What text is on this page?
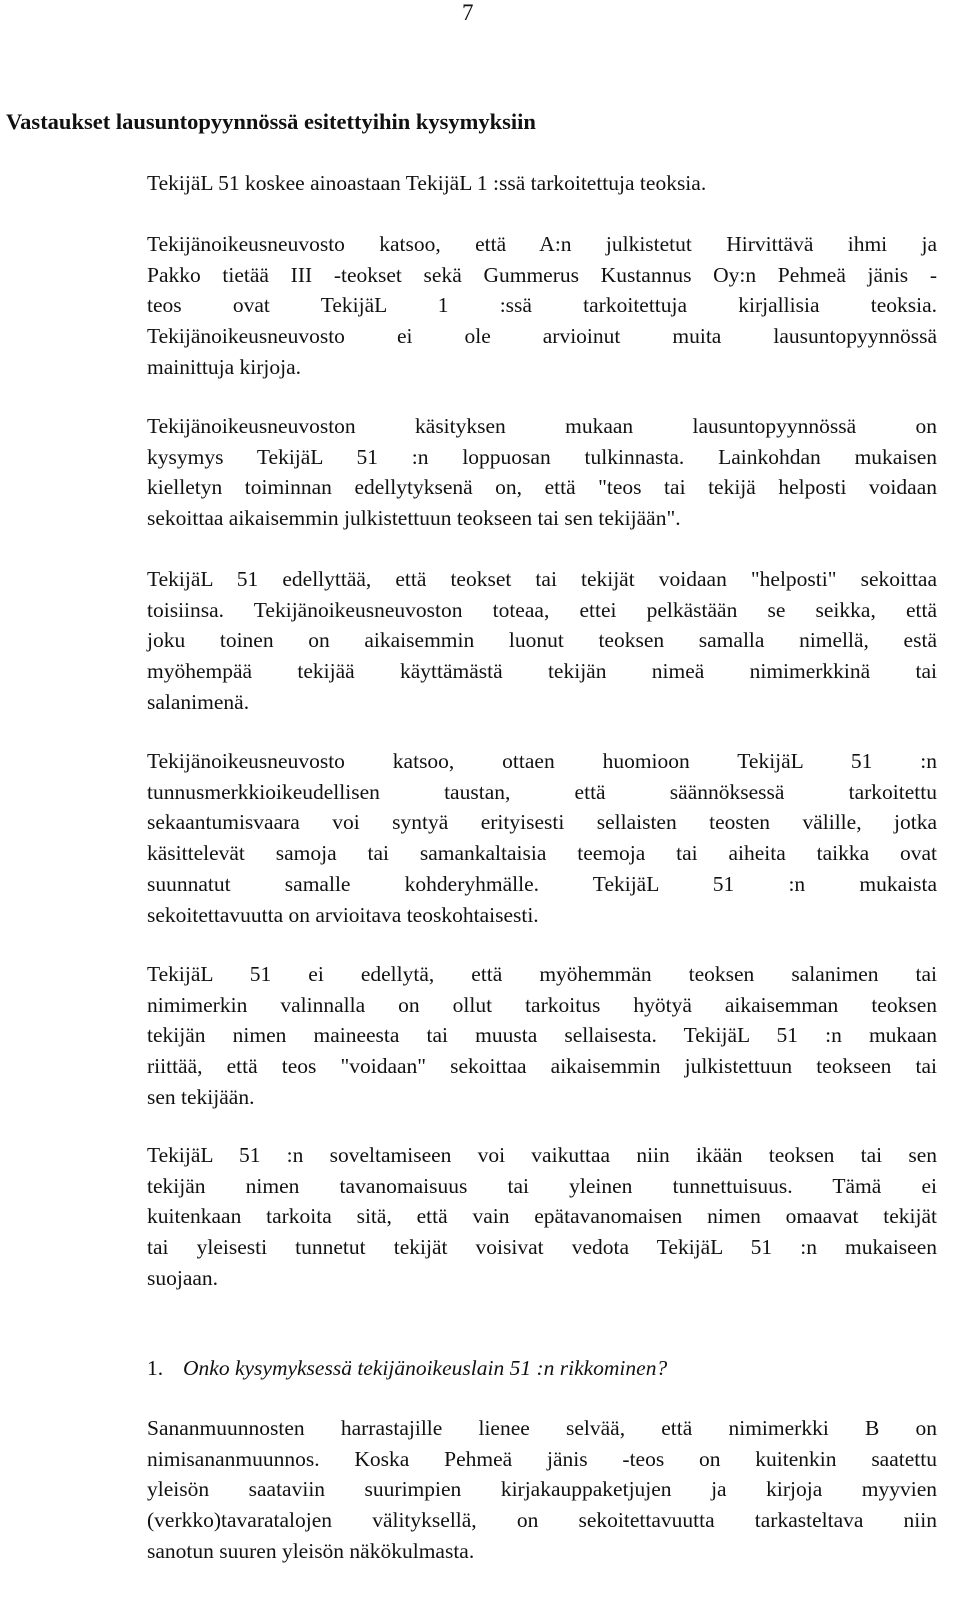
7
Vastaukset lausuntopyynnössä esitettyihin kysymyksiin

TekijäL 51 koskee ainoastaan TekijäL 1 :ssä tarkoitettuja teoksia.

Tekijänoikeusneuvosto katsoo, että A:n julkistetut Hirvittävä ihmi ja
Pakko tietää III -teokset sekä Gummerus Kustannus Oy:n Pehmeä jänis -
teos ovat TekijäL 1 :ssä tarkoitettuja kirjallisia teoksia.
Tekijänoikeusneuvosto ei ole arvioinut muita lausuntopyynnössä
mainittuja kirjoja.

Tekijänoikeusneuvoston käsityksen mukaan lausuntopyynnössä on
kysymys TekijäL 51 :n loppuosan tulkinnasta. Lainkohdan mukaisen
kielletyn toiminnan edellytyksenä on, että "teos tai tekijä helposti voidaan
sekoittaa aikaisemmin julkistettuun teokseen tai sen tekijään".

TekijäL 51 edellyttää, että teokset tai tekijät voidaan "helposti" sekoittaa
toisiinsa. Tekijänoikeusneuvoston toteaa, ettei pelkästään se seikka, että
joku toinen on aikaisemmin luonut teoksen samalla nimellä, estä
myöhempää tekijää käyttämästä tekijän nimeä nimimerkkinä tai
salanimenä.

Tekijänoikeusneuvosto katsoo, ottaen huomioon TekijäL 51 :n
tunnusmerkkioikeudellisen taustan, että säännöksessä tarkoitettu
sekaantumisvaara voi syntyä erityisesti sellaisten teosten välille, jotka
käsittelevät samoja tai samankaltaisia teemoja tai aiheita taikka ovat
suunnatut samalle kohderyhmälle. TekijäL 51 :n mukaista
sekoitettavuutta on arvioitava teoskohtaisesti.

TekijäL 51 ei edellytä, että myöhemmän teoksen salanimen tai
nimimerkin valinnalla on ollut tarkoitus hyötyä aikaisemman teoksen
tekijän nimen maineesta tai muusta sellaisesta. TekijäL 51 :n mukaan
riittää, että teos "voidaan" sekoittaa aikaisemmin julkistettuun teokseen tai
sen tekijään.

TekijäL 51 :n soveltamiseen voi vaikuttaa niin ikään teoksen tai sen
tekijän nimen tavanomaisuus tai yleinen tunnettuisuus. Tämä ei
kuitenkaan tarkoita sitä, että vain epätavanomaisen nimen omaavat tekijät
tai yleisesti tunnetut tekijät voisivat vedota TekijäL 51 :n mukaiseen
suojaan.

1. Onko kysymyksessä tekijänoikeuslain 51 :n rikkominen?

Sananmuunnosten harrastajille lienee selvää, että nimimerkki B on
nimisananmuunnos. Koska Pehmeä jänis -teos on kuitenkin saatettu
yleisön saataviin suurimpien kirjakauppaketjujen ja kirjoja myyvien
(verkko)tavaratalojen välityksellä, on sekoitettavuutta tarkasteltava niin
sanotun suuren yleisön näkökulmasta.
